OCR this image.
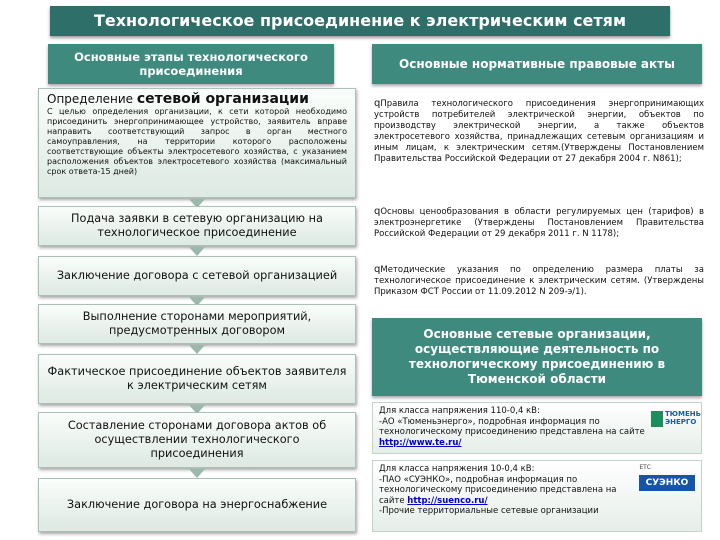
Технологическое присоединение к электрическим сетям
Основные этапы технологического присоединения	Основные нормативные правовые акты
Определение сетевой организации
С целью определения организации, к сети которой необходимо присоединить энергопринимающее устройство, заявитель вправе направить соответствующий запрос в орган местного самоуправления, на территории которого расположены соответствующие объекты электросетевого хозяйства, с указанием расположения объектов электросетевого хозяйства (максимальный срок ответа-15 дней)
Подача заявки в сетевую организацию на технологическое присоединение
Заключение договора с сетевой организацией
Выполнение сторонами мероприятий, предусмотренных договором
Фактическое присоединение объектов заявителя к электрическим сетям
Составление сторонами договора актов об осуществлении технологического присоединения
Заключение договора на энергоснабжение
qПравила технологического присоединения энергопринимающих устройств потребителей электрической энергии, объектов по производству электрической энергии, а также объектов электросетевого хозяйства, принадлежащих сетевым организациям и иным лицам, к электрическим сетям.(Утверждены Постановлением Правительства Российской Федерации от 27 декабря 2004 г. N861);
qОсновы ценообразования в области регулируемых цен (тарифов) в электроэнергетике (Утверждены Постановлением Правительства Российской Федерации от 29 декабря 2011 г. N 1178);
qМетодические указания по определению размера платы за технологическое присоединение к электрическим сетям. (Утверждены Приказом ФСТ России от 11.09.2012 N 209-э/1).
Основные сетевые организации, осуществляющие деятельность по технологическому присоединению в Тюменской области
Для класса напряжения 110-0,4 кВ:
-АО «Тюменьэнерго», подробная информация по технологическому присоединению представлена на сайте http://www.te.ru/
ТЮМЕНЬ ЭНЕРГО
Для класса напряжения 10-0,4 кВ:
-ПАО «СУЭНКО», подробная информация по технологическому присоединению представлена на сайте http://suenco.ru/
-Прочие территориальные сетевые организации
ЕТС
СУЭНКО
